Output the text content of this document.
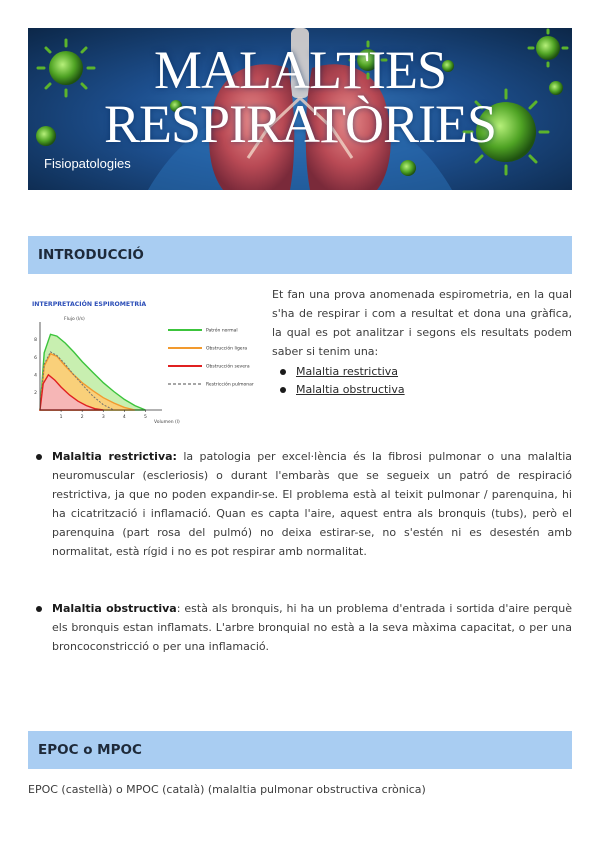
MALALTIES
RESPIRATÒRIES
Fisiopatologies
INTRODUCCIÓ
INTERPRETACIÓN ESPIROMETRÍA
Flujo (l/s)
Volumen (l)
2
4
6
8
1	2	3	4	5
Patrón normal
Obstrucción ligera
Obstrucción severa
Restricción pulmonar
Et fan una prova anomenada espirometria, en la qual s'ha de respirar i com a resultat et dona una gràfica, la qual es pot analitzar i segons els resultats podem saber si tenim una:
Malaltia restrictiva
Malaltia obstructiva
Malaltia restrictiva: la patologia per excel·lència és la fibrosi pulmonar o una malaltia neuromuscular (escleriosis) o durant l'embaràs que se segueix un patró de respiració restrictiva, ja que no poden expandir-se. El problema està al teixit pulmonar / parenquina, hi ha cicatrització i inflamació. Quan es capta l'aire, aquest entra als bronquis (tubs), però el parenquina (part rosa del pulmó) no deixa estirar-se, no s'estén ni es desestén amb normalitat, està rígid i no es pot respirar amb normalitat.
Malaltia obstructiva: està als bronquis, hi ha un problema d'entrada i sortida d'aire perquè els bronquis estan inflamats. L'arbre bronquial no està a la seva màxima capacitat, o per una broncoconstricció o per una inflamació.
EPOC o MPOC
EPOC (castellà) o MPOC (català) (malaltia pulmonar obstructiva crònica)
